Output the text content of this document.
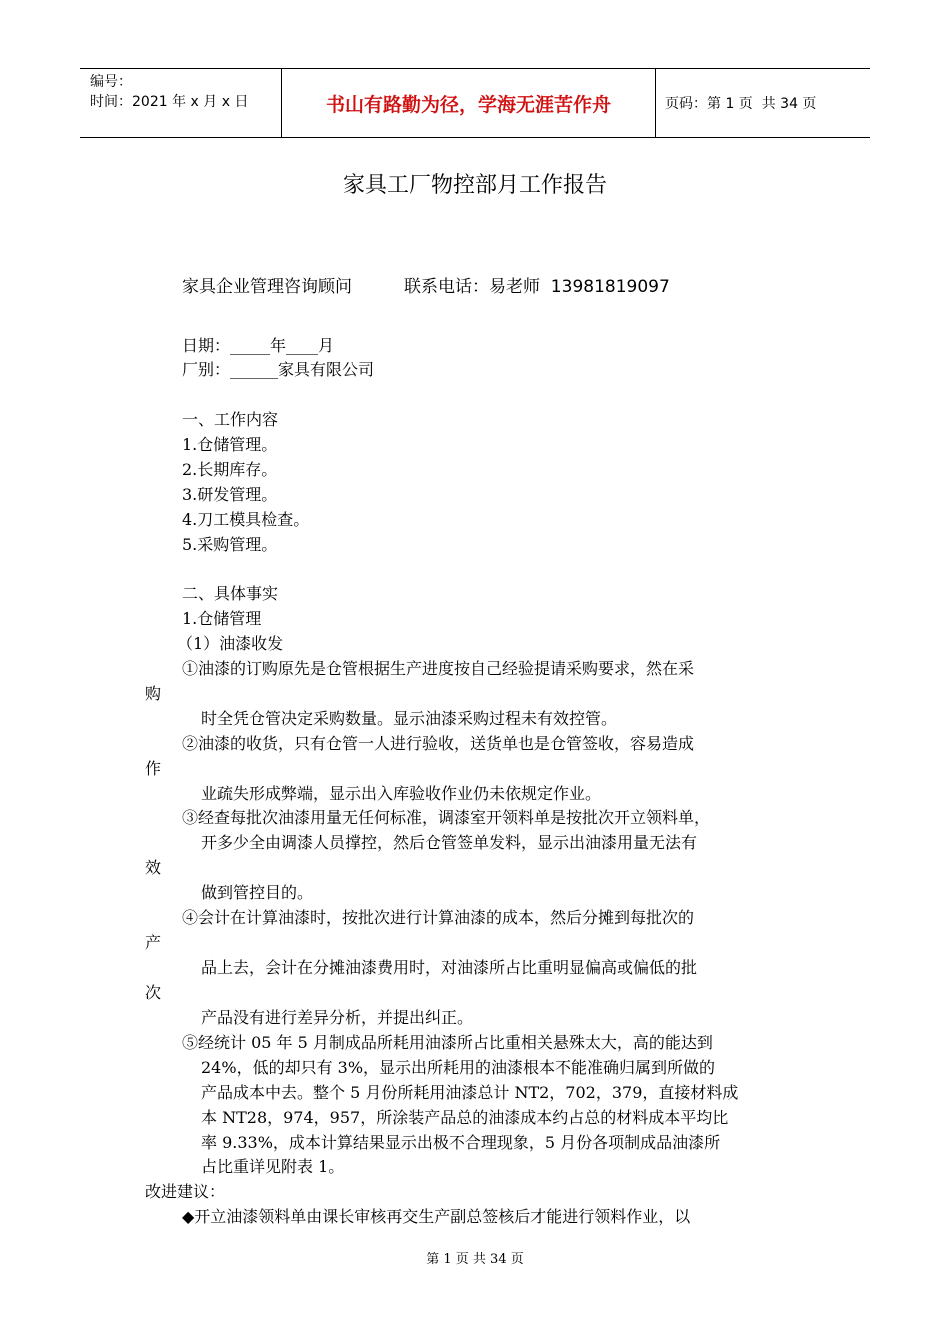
编号：
时间：2021 年 x 月 x 日	书山有路勤为径，学海无涯苦作舟	页码：第 1 页  共 34 页
家具工厂物控部月工作报告
家具企业管理咨询顾问	联系电话：易老师  13981819097
日期：_____年____月
厂别：______家具有限公司
一、工作内容
1.仓储管理。
2.长期库存。
3.研发管理。
4.刀工模具检查。
5.采购管理。
二、具体事实
1.仓储管理
（1）油漆收发
①油漆的订购原先是仓管根据生产进度按自己经验提请采购要求，然在采
购
时全凭仓管决定采购数量。显示油漆采购过程未有效控管。
②油漆的收货，只有仓管一人进行验收，送货单也是仓管签收，容易造成
作
业疏失形成弊端，显示出入库验收作业仍未依规定作业。
③经查每批次油漆用量无任何标准，调漆室开领料单是按批次开立领料单，
开多少全由调漆人员撑控，然后仓管签单发料，显示出油漆用量无法有
效
做到管控目的。
④会计在计算油漆时，按批次进行计算油漆的成本，然后分摊到每批次的
产
品上去，会计在分摊油漆费用时，对油漆所占比重明显偏高或偏低的批
次
产品没有进行差异分析，并提出纠正。
⑤经统计 05 年 5 月制成品所耗用油漆所占比重相关悬殊太大，高的能达到
24%，低的却只有 3%，显示出所耗用的油漆根本不能准确归属到所做的
产品成本中去。整个 5 月份所耗用油漆总计 NT2，702，379，直接材料成
本 NT28，974，957，所涂装产品总的油漆成本约占总的材料成本平均比
率 9.33%，成本计算结果显示出极不合理现象，5 月份各项制成品油漆所
占比重详见附表 1。
改进建议：
◆开立油漆领料单由课长审核再交生产副总签核后才能进行领料作业，以
第 1 页 共 34 页
